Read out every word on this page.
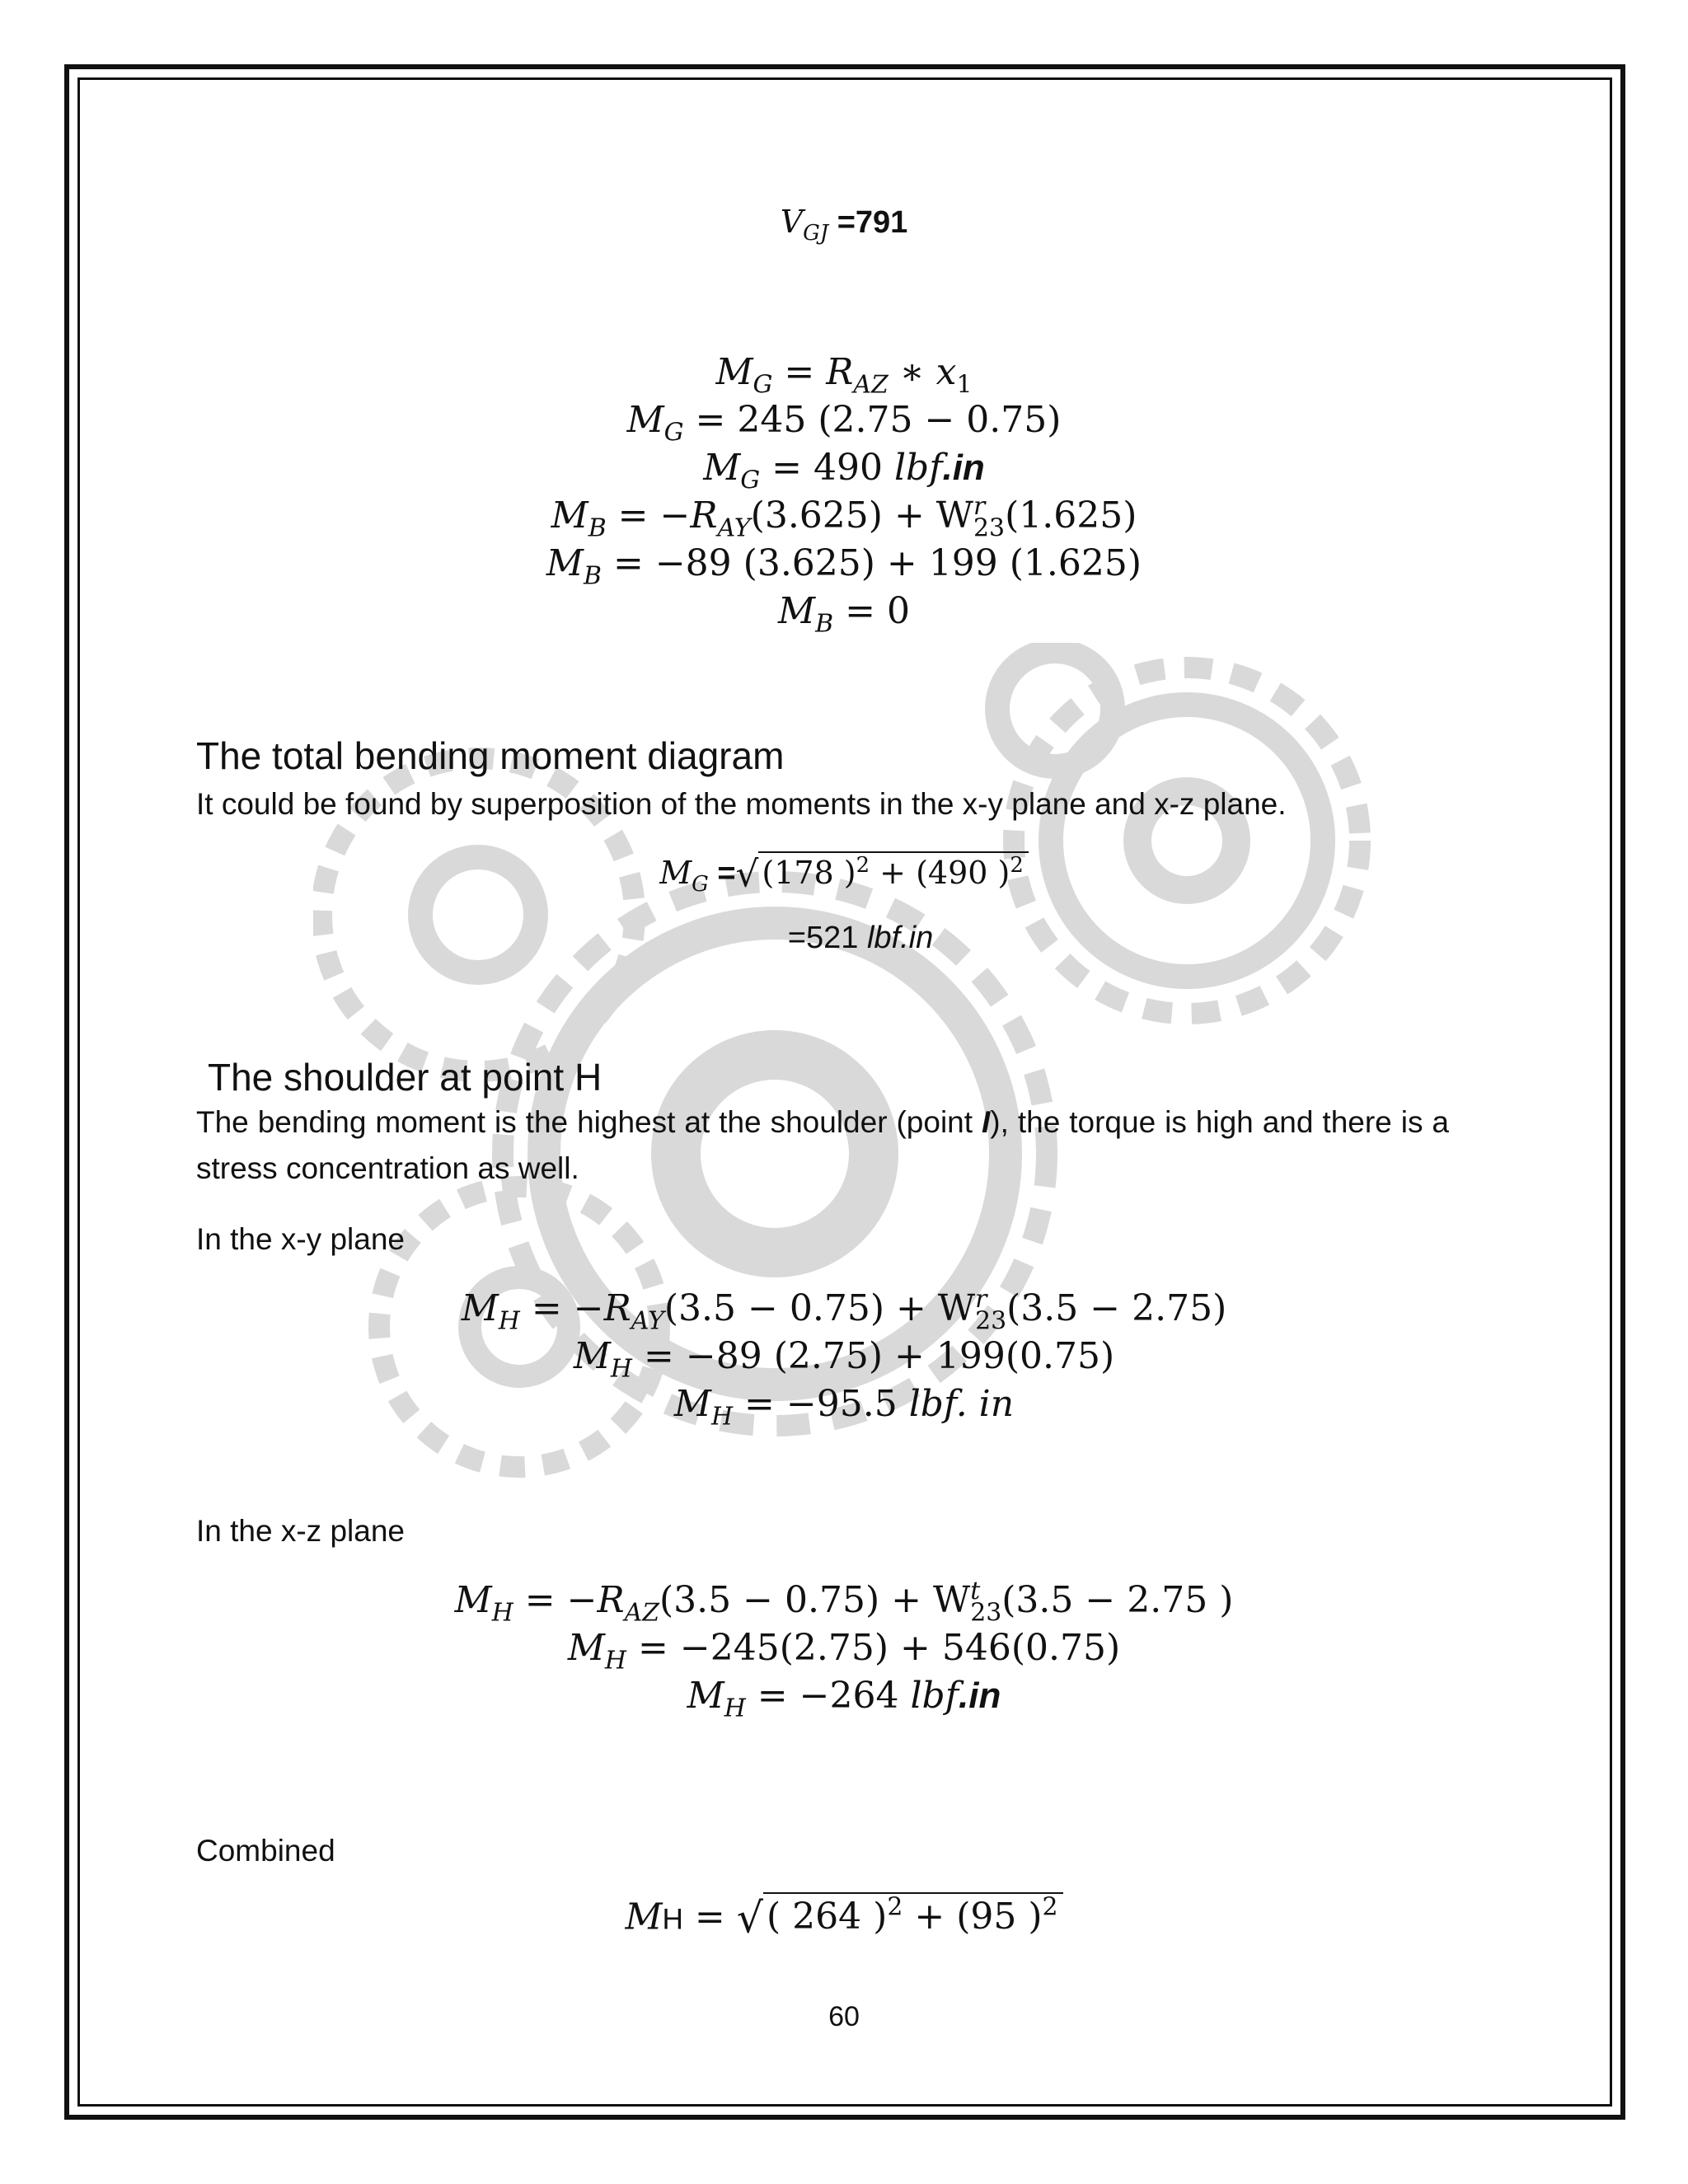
$V_{GJ} =791$
$M_G = R_{AZ}$ ∗ $x_1$
$M_G = 245$ (2.75 − 0.75)
$M_G = 490$ lbf.in
$M_B = -R_{AY}(3.625) + W$ r
$_{23}$(1.625)
$M_B = -89$ (3.625) + 199 (1.625)
$M_B = 0$
The total bending moment diagram
It could be found by superposition of the moments in the x-y plane and x-z plane.
$M_G$ =√ (178 )$^2$ + (490 )$^2$
=521 lbf.in
The shoulder at point H
The bending moment is the highest at the shoulder (point I), the torque is high and there is a stress concentration as well.
In the x-y plane
$M_H = -R_{AY}(3.5 - 0.75) + W$ r
$_{23}$(3.5 − 2.75)
$M_H = -89$ (2.75) + 199(0.75)
$M_H = -95.5$ lbf. in
In the x-z plane
$M_H = -R_{AZ}(3.5 - 0.75) + W$ t
$_{23}$(3.5 − 2.75 )
$M_H = -245(2.75) + 546(0.75)$
$M_H = -264$ lbf.in
Combined
MH = √( 264 )$^2$ + (95 )$^2$
60
